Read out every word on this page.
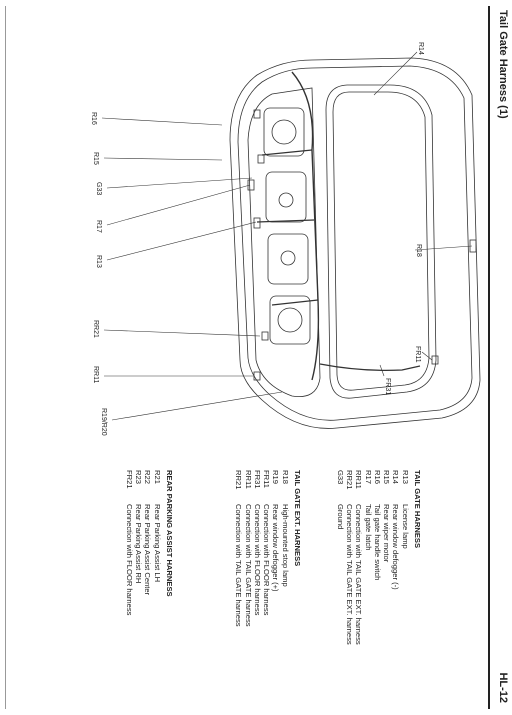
Tail Gate Harness (1)
HL-12
R14
R16
R15
G33
R17
R13
R18
RR21
RR11
R19/R20
FR11
FR31
TAIL GATE HARNESS
R13
License lamp
R14
Rear window defogger (-)
R15
Rear wiper motor
R16
Tail gate handle switch
R17
Tail gate latch
RR11
Connection with TAIL GATE EXT. harness
RR21
Connection with TAIL GATE EXT. harness
G33
Ground
TAIL GATE EXT. HARNESS
R18
High-mounted stop lamp
R19
Rear window defogger (+)
FR11
Connection with FLOOR harness
FR31
Connection with FLOOR harness
RR11
Connection with TAIL GATE harness
RR21
Connection with TAIL GATE harness
REAR PARKING ASSIST HARNESS
R21
Rear Parking Assist LH
R22
Rear Parking Assist Center
R23
Rear Parking Assist RH
FR21
Connection with FLOOR harness
